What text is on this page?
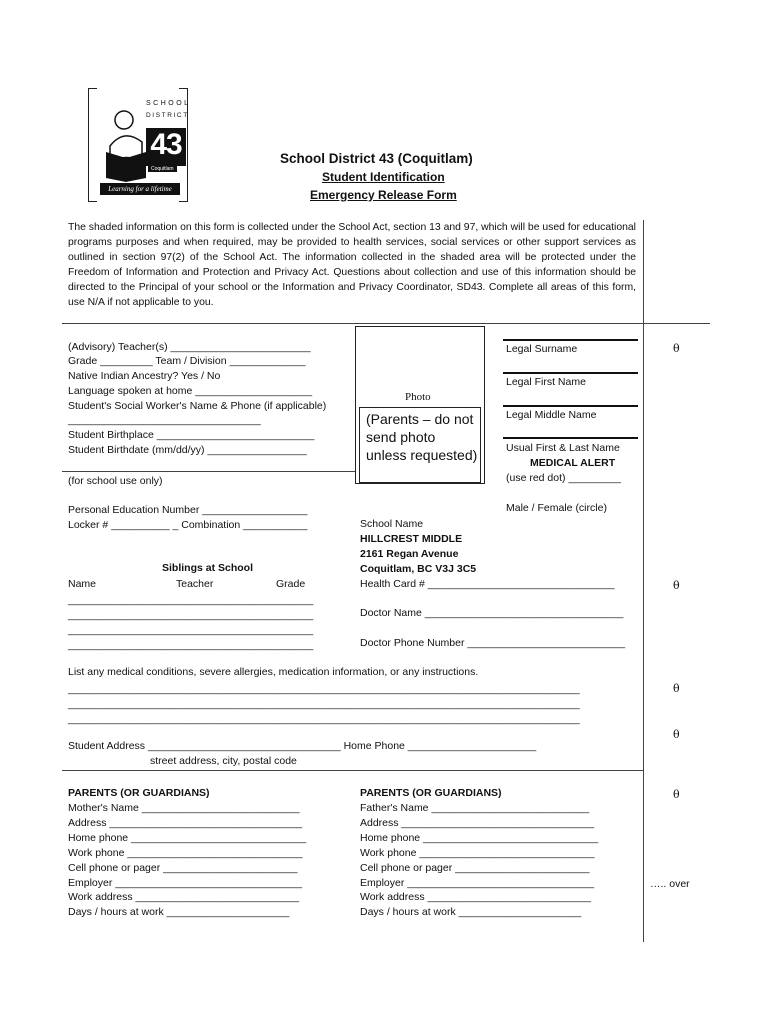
SCHOOL
DISTRICT
43
Coquitlam
Learning for a lifetime
School District 43 (Coquitlam)
Student Identification
Emergency Release Form
The shaded information on this form is collected under the School Act, section 13 and 97, which will be used for educational programs purposes and when required, may be provided to health services, social services or other support services as outlined in section 97(2) of the School Act. The information collected in the shaded area will be protected under the Freedom of Information and Protection and Privacy Act. Questions about collection and use of this information should be directed to the Principal of your school or the Information and Privacy Coordinator, SD43. Complete all areas of this form, use N/A if not applicable to you.
(Advisory) Teacher(s) ________________________
Grade _________ Team / Division _____________
Native Indian Ancestry? Yes / No
Language spoken at home ____________________
Student's Social Worker's Name & Phone (if applicable)
_________________________________
Student Birthplace ___________________________
Student Birthdate (mm/dd/yy) _________________
(for school use only)
Personal Education Number __________________
Locker # __________ _ Combination ___________
Photo
(Parents – do not send photo unless requested)
Legal Surname
Legal First Name
Legal Middle Name
Usual First & Last Name
MEDICAL ALERT
(use red dot) _________
Male / Female (circle)
School Name
HILLCREST MIDDLE
2161 Regan Avenue
Coquitlam, BC V3J 3C5
Siblings at School
Name	Teacher	Grade
__________________________________________
__________________________________________
__________________________________________
__________________________________________
Health Card # ________________________________
Doctor Name __________________________________
Doctor Phone Number ___________________________
List any medical conditions, severe allergies, medication information, or any instructions.
____________________________________________________________________________________________
____________________________________________________________________________________________
____________________________________________________________________________________________
Student Address _________________________________ Home Phone ______________________
street address, city, postal code
PARENTS (OR GUARDIANS)
Mother's Name ___________________________
Address _________________________________
Home phone ______________________________
Work phone ______________________________
Cell phone or pager _______________________
Employer ________________________________
Work address ____________________________
Days / hours at work _____________________
PARENTS (OR GUARDIANS)
Father's Name ___________________________
Address _________________________________
Home phone ______________________________
Work phone ______________________________
Cell phone or pager _______________________
Employer ________________________________
Work address ____________________________
Days / hours at work _____________________
θ
θ
θ
θ
θ
….. over
